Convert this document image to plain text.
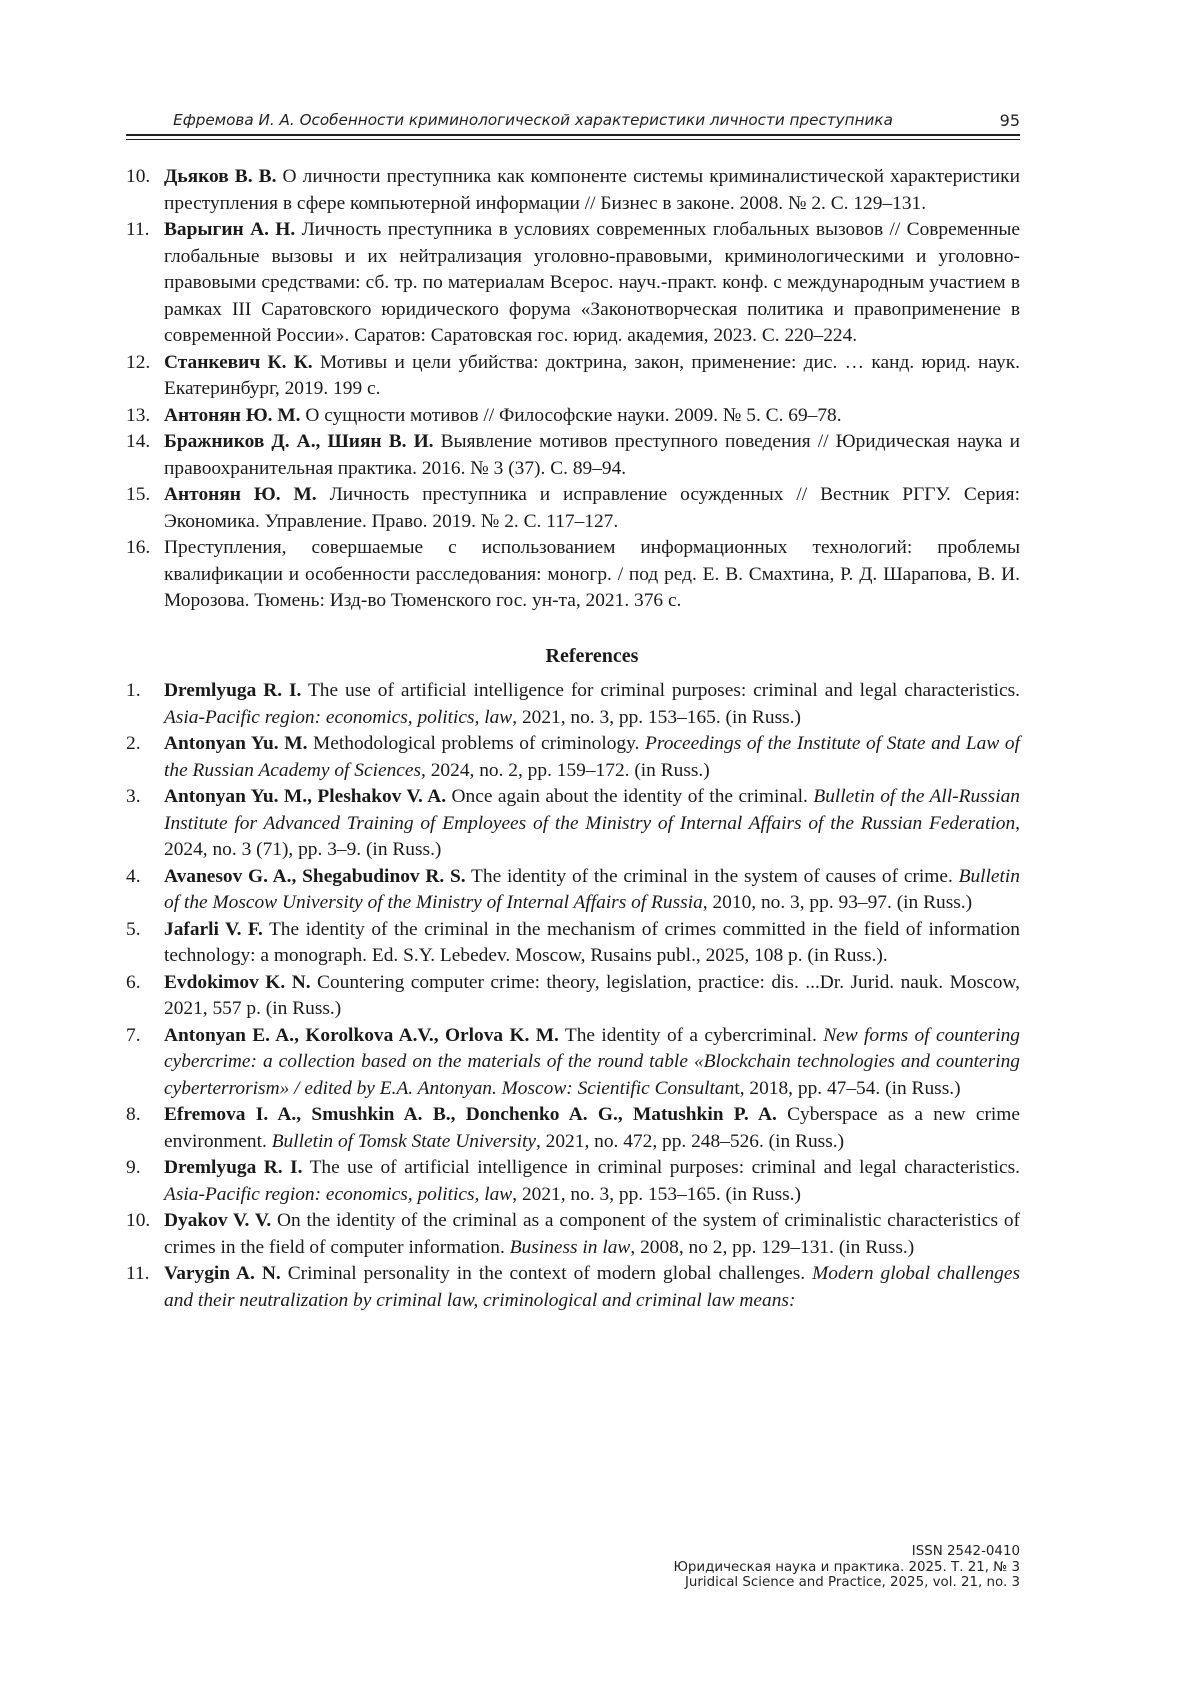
Ефремова И. А. Особенности криминологической характеристики личности преступника	95
10. Дьяков В. В. О личности преступника как компоненте системы криминалистической характеристики преступления в сфере компьютерной информации // Бизнес в законе. 2008. № 2. С. 129–131.
11. Варыгин А. Н. Личность преступника в условиях современных глобальных вызовов // Современные глобальные вызовы и их нейтрализация уголовно-правовыми, криминологическими и уголовно-правовыми средствами: сб. тр. по материалам Всерос. науч.-практ. конф. с международным участием в рамках III Саратовского юридического форума «Законотворческая политика и правоприменение в современной России». Саратов: Саратовская гос. юрид. академия, 2023. С. 220–224.
12. Станкевич К. К. Мотивы и цели убийства: доктрина, закон, применение: дис. … канд. юрид. наук. Екатеринбург, 2019. 199 с.
13. Антонян Ю. М. О сущности мотивов // Философские науки. 2009. № 5. С. 69–78.
14. Бражников Д. А., Шиян В. И. Выявление мотивов преступного поведения // Юридическая наука и правоохранительная практика. 2016. № 3 (37). С. 89–94.
15. Антонян Ю. М. Личность преступника и исправление осужденных // Вестник РГГУ. Серия: Экономика. Управление. Право. 2019. № 2. С. 117–127.
16. Преступления, совершаемые с использованием информационных технологий: проблемы квалификации и особенности расследования: моногр. / под ред. Е. В. Смахтина, Р. Д. Шарапова, В. И. Морозова. Тюмень: Изд-во Тюменского гос. ун-та, 2021. 376 с.
References
1.	Dremlyuga R. I. The use of artificial intelligence for criminal purposes: criminal and legal characteristics. Asia-Pacific region: economics, politics, law, 2021, no. 3, pp. 153–165. (in Russ.)
2.	Antonyan Yu. M. Methodological problems of criminology. Proceedings of the Institute of State and Law of the Russian Academy of Sciences, 2024, no. 2, pp. 159–172. (in Russ.)
3.	Antonyan Yu. M., Pleshakov V. A. Once again about the identity of the criminal. Bulletin of the All-Russian Institute for Advanced Training of Employees of the Ministry of Internal Affairs of the Russian Federation, 2024, no. 3 (71), pp. 3–9. (in Russ.)
4.	Avanesov G. A., Shegabudinov R. S. The identity of the criminal in the system of causes of crime. Bulletin of the Moscow University of the Ministry of Internal Affairs of Russia, 2010, no. 3, pp. 93–97. (in Russ.)
5.	Jafarli V. F. The identity of the criminal in the mechanism of crimes committed in the field of information technology: a monograph. Ed. S.Y. Lebedev. Moscow, Rusains publ., 2025, 108 p. (in Russ.).
6.	Evdokimov K. N. Countering computer crime: theory, legislation, practice: dis. ...Dr. Jurid. nauk. Moscow, 2021, 557 p. (in Russ.)
7.	Antonyan E. A., Korolkova A.V., Orlova K. M. The identity of a cybercriminal. New forms of countering cybercrime: a collection based on the materials of the round table «Blockchain technologies and countering cyberterrorism» / edited by E.A. Antonyan. Moscow: Scientific Consultant, 2018, pp. 47–54. (in Russ.)
8.	Efremova I. A., Smushkin A. B., Donchenko A. G., Matushkin P. A. Cyberspace as a new crime environment. Bulletin of Tomsk State University, 2021, no. 472, pp. 248–526. (in Russ.)
9.	Dremlyuga R. I. The use of artificial intelligence in criminal purposes: criminal and legal characteristics. Asia-Pacific region: economics, politics, law, 2021, no. 3, pp. 153–165. (in Russ.)
10. Dyakov V. V. On the identity of the criminal as a component of the system of criminalistic characteristics of crimes in the field of computer information. Business in law, 2008, no 2, pp. 129–131. (in Russ.)
11. Varygin A. N. Criminal personality in the context of modern global challenges. Modern global challenges and their neutralization by criminal law, criminological and criminal law means:
ISSN 2542-0410
Юридическая наука и практика. 2025. Т. 21, № 3
Juridical Science and Practice, 2025, vol. 21, no. 3
